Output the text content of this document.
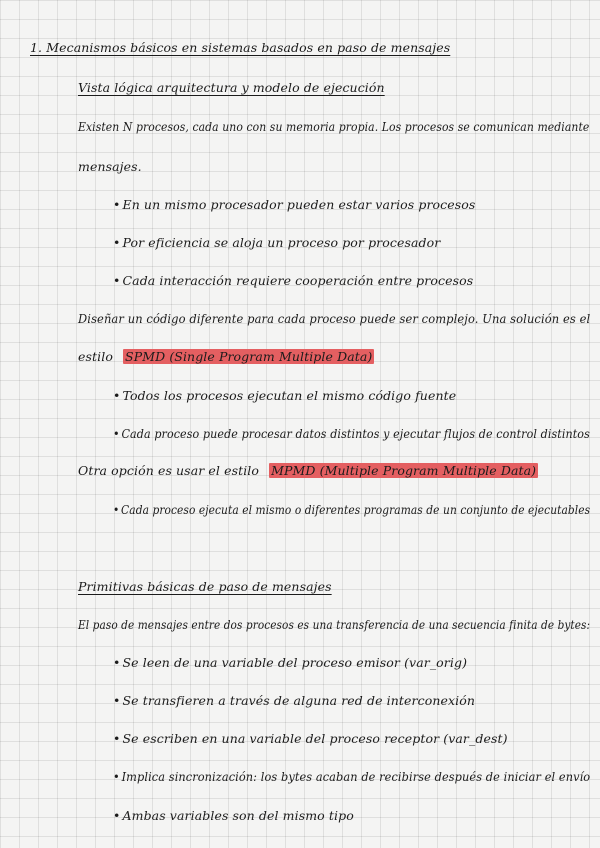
1. Mecanismos básicos en sistemas basados en paso de mensajes
Vista lógica arquitectura y modelo de ejecución
Existen N procesos, cada uno con su memoria propia. Los procesos se comunican mediante
mensajes.
• En un mismo procesador pueden estar varios procesos
• Por eficiencia se aloja un proceso por procesador
• Cada interacción requiere cooperación entre procesos
Diseñar un código diferente para cada proceso puede ser complejo. Una solución es el
estilo SPMD (Single Program Multiple Data)
• Todos los procesos ejecutan el mismo código fuente
• Cada proceso puede procesar datos distintos y ejecutar flujos de control distintos
Otra opción es usar el estilo MPMD (Multiple Program Multiple Data)
• Cada proceso ejecuta el mismo o diferentes programas de un conjunto de ejecutables
Primitivas básicas de paso de mensajes
El paso de mensajes entre dos procesos es una transferencia de una secuencia finita de bytes:
• Se leen de una variable del proceso emisor (var_orig)
• Se transfieren a través de alguna red de interconexión
• Se escriben en una variable del proceso receptor (var_dest)
• Implica sincronización: los bytes acaban de recibirse después de iniciar el envío
• Ambas variables son del mismo tipo
